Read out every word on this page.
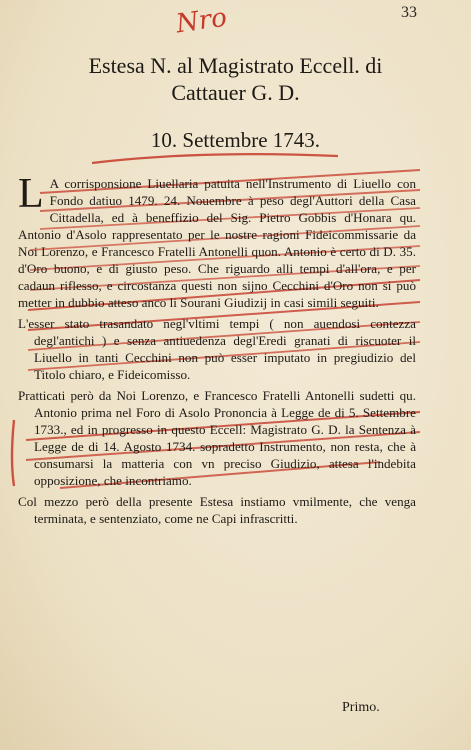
33
Nro
Estesa N. al Magistrato Eccell. di
Cattauer G. D.
10. Settembre 1743.

L A corrisponsione Liuellaria patuita nell'Instrumento di Liuello con Fondo datiuo 1479. 24. Nouembre à peso degl'Auttori della Casa Cittadella, ed à beneffizio del Sig. Pietro Gobbis d'Honara qu. Antonio d'Asolo rappresentato per le nostre ragioni Fideicommissarie da Noi Lorenzo, e Francesco Fratelli Antonelli quon. Antonio è certo di D. 35. d'Oro buono, e di giusto peso. Che riguardo alli tempi d'all'ora, e per cadaun riflesso, e circostanza questi non sijno Cecchini d'Oro non si può metter in dubbio atteso anco li Sourani Giudizij in casi simili seguiti.

L'esser stato trasandato negl'vltimi tempi ( non auendosi contezza degl'antichi ) e senza antiuedenza degl'Eredi granati di riscuoter il Liuello in tanti Cecchini non può esser imputato in pregiudizio del Titolo chiaro, e Fideicomisso.

Pratticati però da Noi Lorenzo, e Francesco Fratelli Antonelli sudetti qu. Antonio prima nel Foro di Asolo Prononcia à Legge de di 5. Settembre 1733., ed in progresso in questo Eccell: Magistrato G. D. la Sentenza à Legge de di 14. Agosto 1734. sopradetto Instrumento, non resta, che à consumarsi la matteria con vn preciso Giudizio, attesa l'indebita opposizione, che incontriamo.

Col mezzo però della presente Estesa instiamo vmilmente, che venga terminata, e sentenziato, come ne Capi infrascritti.

Primo.
